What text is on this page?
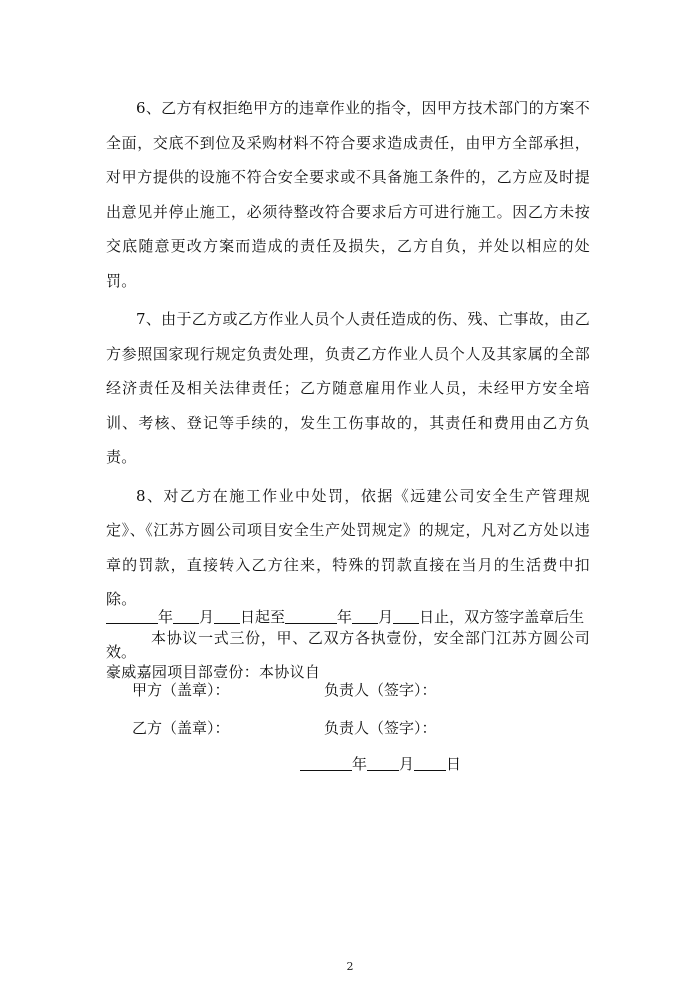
6、乙方有权拒绝甲方的违章作业的指令，因甲方技术部门的方案不全面，交底不到位及采购材料不符合要求造成责任，由甲方全部承担，对甲方提供的设施不符合安全要求或不具备施工条件的，乙方应及时提出意见并停止施工，必须待整改符合要求后方可进行施工。因乙方未按交底随意更改方案而造成的责任及损失，乙方自负，并处以相应的处罚。

7、由于乙方或乙方作业人员个人责任造成的伤、残、亡事故，由乙方参照国家现行规定负责处理，负责乙方作业人员个人及其家属的全部经济责任及相关法律责任；乙方随意雇用作业人员，未经甲方安全培训、考核、登记等手续的，发生工伤事故的，其责任和费用由乙方负责。

8、对乙方在施工作业中处罚，依据《远建公司安全生产管理规定》、《江苏方圆公司项目安全生产处罚规定》的规定，凡对乙方处以违章的罚款，直接转入乙方往来，特殊的罚款直接在当月的生活费中扣除。

本协议一式三份，甲、乙双方各执壹份，安全部门江苏方圆公司豪威嘉园项目部壹份：本协议自

年 月 日起至	年 月 日止，双方签字盖章后生效。
甲方（盖章）：	负责人（签字）：
乙方（盖章）：	负责人（签字）：
年 月 日
2
